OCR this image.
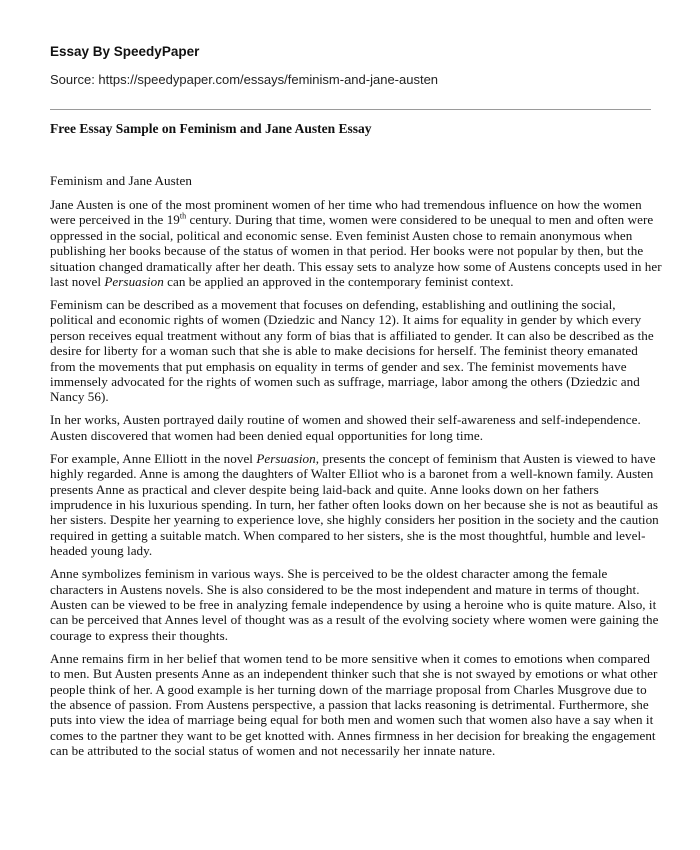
Essay By SpeedyPaper
Source: https://speedypaper.com/essays/feminism-and-jane-austen
Free Essay Sample on Feminism and Jane Austen Essay

Feminism and Jane Austen

Jane Austen is one of the most prominent women of her time who had tremendous influence on how the women were perceived in the 19th century. During that time, women were considered to be unequal to men and often were oppressed in the social, political and economic sense. Even feminist Austen chose to remain anonymous when publishing her books because of the status of women in that period. Her books were not popular by then, but the situation changed dramatically after her death. This essay sets to analyze how some of Austens concepts used in her last novel Persuasion can be applied an approved in the contemporary feminist context.

Feminism can be described as a movement that focuses on defending, establishing and outlining the social, political and economic rights of women (Dziedzic and Nancy 12). It aims for equality in gender by which every person receives equal treatment without any form of bias that is affiliated to gender. It can also be described as the desire for liberty for a woman such that she is able to make decisions for herself. The feminist theory emanated from the movements that put emphasis on equality in terms of gender and sex. The feminist movements have immensely advocated for the rights of women such as suffrage, marriage, labor among the others (Dziedzic and Nancy 56).

In her works, Austen portrayed daily routine of women and showed their self-awareness and self-independence. Austen discovered that women had been denied equal opportunities for long time.

For example, Anne Elliott in the novel Persuasion, presents the concept of feminism that Austen is viewed to have highly regarded. Anne is among the daughters of Walter Elliot who is a baronet from a well-known family. Austen presents Anne as practical and clever despite being laid-back and quite. Anne looks down on her fathers imprudence in his luxurious spending. In turn, her father often looks down on her because she is not as beautiful as her sisters. Despite her yearning to experience love, she highly considers her position in the society and the caution required in getting a suitable match. When compared to her sisters, she is the most thoughtful, humble and level-headed young lady.

Anne symbolizes feminism in various ways. She is perceived to be the oldest character among the female characters in Austens novels. She is also considered to be the most independent and mature in terms of thought. Austen can be viewed to be free in analyzing female independence by using a heroine who is quite mature. Also, it can be perceived that Annes level of thought was as a result of the evolving society where women were gaining the courage to express their thoughts.

Anne remains firm in her belief that women tend to be more sensitive when it comes to emotions when compared to men. But Austen presents Anne as an independent thinker such that she is not swayed by emotions or what other people think of her. A good example is her turning down of the marriage proposal from Charles Musgrove due to the absence of passion. From Austens perspective, a passion that lacks reasoning is detrimental. Furthermore, she puts into view the idea of marriage being equal for both men and women such that women also have a say when it comes to the partner they want to be get knotted with. Annes firmness in her decision for breaking the engagement can be attributed to the social status of women and not necessarily her innate nature.
